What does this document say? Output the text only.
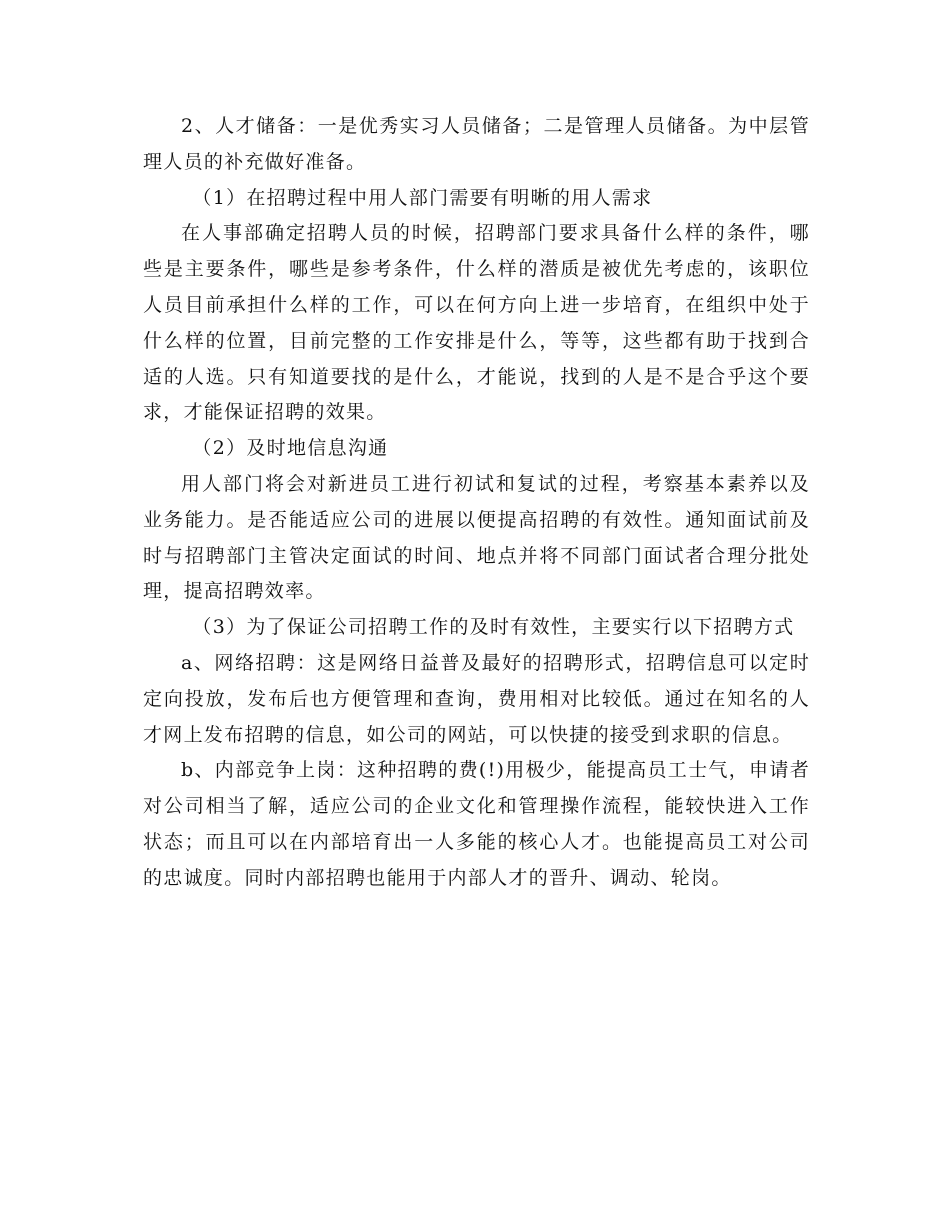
2、人才储备：一是优秀实习人员储备；二是管理人员储备。为中层管理人员的补充做好准备。

（1）在招聘过程中用人部门需要有明晰的用人需求

在人事部确定招聘人员的时候，招聘部门要求具备什么样的条件，哪些是主要条件，哪些是参考条件，什么样的潜质是被优先考虑的，该职位人员目前承担什么样的工作，可以在何方向上进一步培育，在组织中处于什么样的位置，目前完整的工作安排是什么，等等，这些都有助于找到合适的人选。只有知道要找的是什么，才能说，找到的人是不是合乎这个要求，才能保证招聘的效果。

（2）及时地信息沟通

用人部门将会对新进员工进行初试和复试的过程，考察基本素养以及业务能力。是否能适应公司的进展以便提高招聘的有效性。通知面试前及时与招聘部门主管决定面试的时间、地点并将不同部门面试者合理分批处理，提高招聘效率。

（3）为了保证公司招聘工作的及时有效性，主要实行以下招聘方式

a、网络招聘：这是网络日益普及最好的招聘形式，招聘信息可以定时定向投放，发布后也方便管理和查询，费用相对比较低。通过在知名的人才网上发布招聘的信息，如公司的网站，可以快捷的接受到求职的信息。

b、内部竞争上岗：这种招聘的费(!)用极少，能提高员工士气，申请者对公司相当了解，适应公司的企业文化和管理操作流程，能较快进入工作状态；而且可以在内部培育出一人多能的核心人才。也能提高员工对公司的忠诚度。同时内部招聘也能用于内部人才的晋升、调动、轮岗。
